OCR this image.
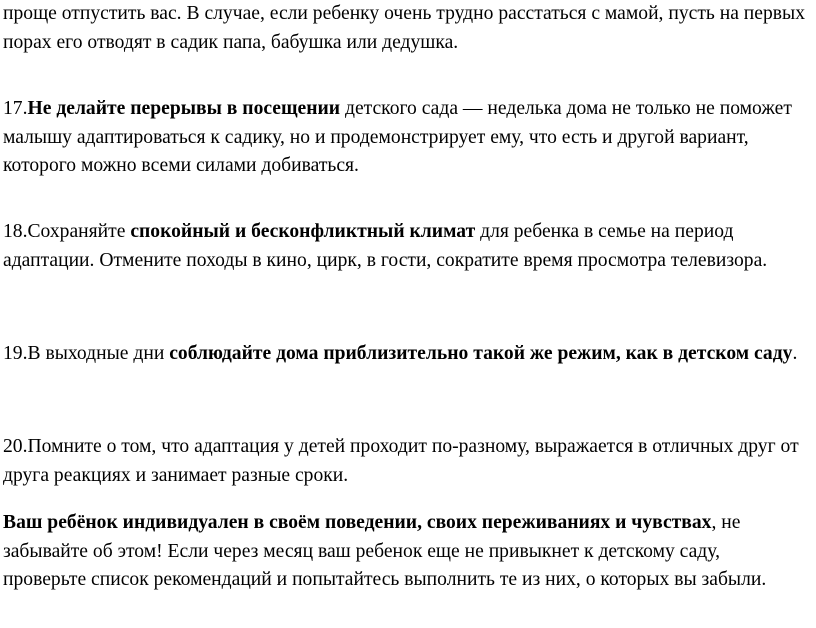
проще отпустить вас. В случае, если ребенку очень трудно расстаться с мамой, пусть на первых порах его отводят в садик папа, бабушка или дедушка.

17.Не делайте перерывы в посещении детского сада — неделька дома не только не поможет малышу адаптироваться к садику, но и продемонстрирует ему, что есть и другой вариант, которого можно всеми силами добиваться.

18.Сохраняйте спокойный и бесконфликтный климат для ребенка в семье на период адаптации. Отмените походы в кино, цирк, в гости, сократите время просмотра телевизора.

19.В выходные дни соблюдайте дома приблизительно такой же режим, как в детском саду.

20.Помните о том, что адаптация у детей проходит по-разному, выражается в отличных друг от друга реакциях и занимает разные сроки.

Ваш ребёнок индивидуален в своём поведении, своих переживаниях и чувствах, не забывайте об этом! Если через месяц ваш ребенок еще не привыкнет к детскому саду, проверьте список рекомендаций и попытайтесь выполнить те из них, о которых вы забыли.
